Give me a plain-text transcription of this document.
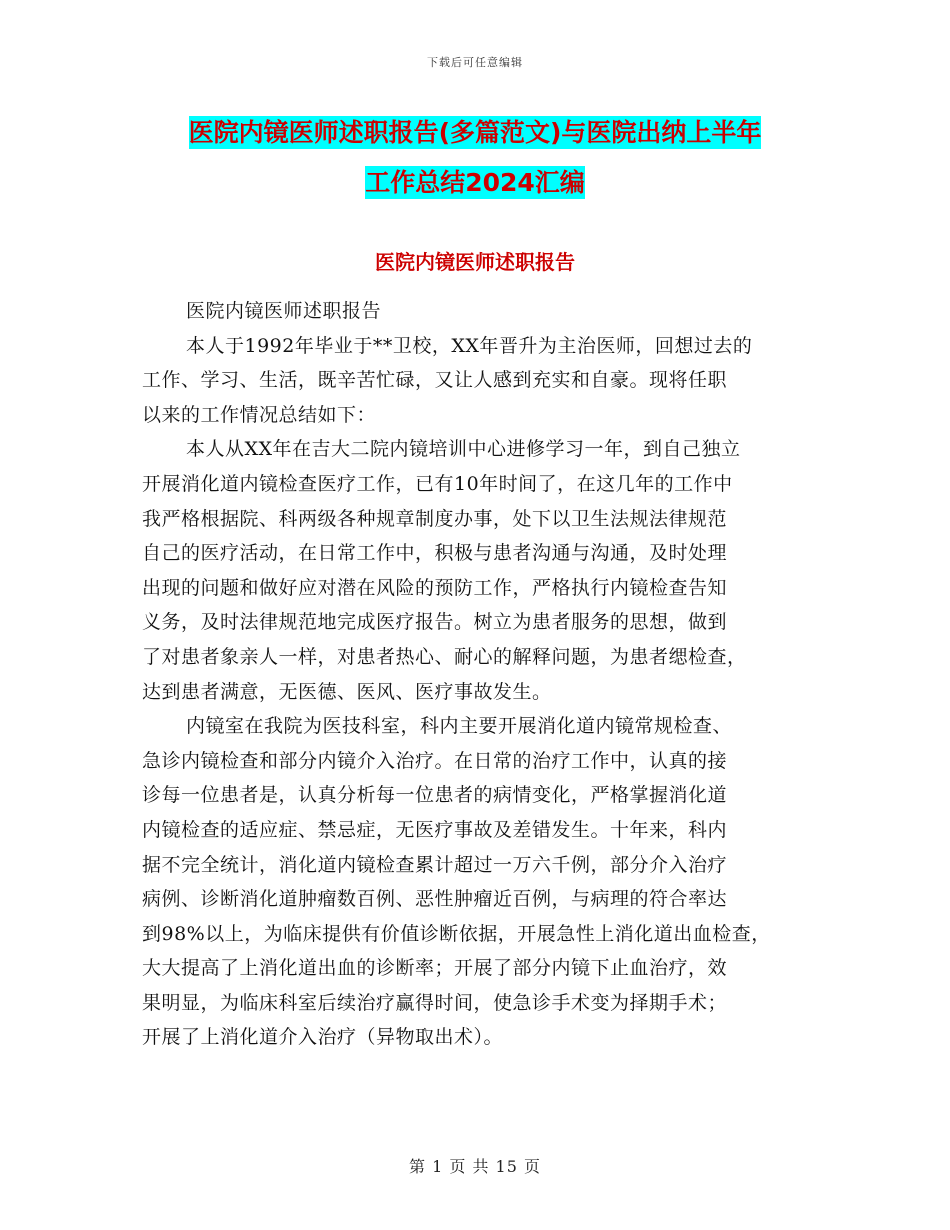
下载后可任意编辑
医院内镜医师述职报告(多篇范文)与医院出纳上半年
工作总结2024汇编
医院内镜医师述职报告
医院内镜医师述职报告
本人于1992年毕业于**卫校，XX年晋升为主治医师，回想过去的
工作、学习、生活，既辛苦忙碌，又让人感到充实和自豪。现将任职
以来的工作情况总结如下：
本人从XX年在吉大二院内镜培训中心进修学习一年，到自己独立
开展消化道内镜检查医疗工作，已有10年时间了，在这几年的工作中
我严格根据院、科两级各种规章制度办事，处下以卫生法规法律规范
自己的医疗活动，在日常工作中，积极与患者沟通与沟通，及时处理
出现的问题和做好应对潜在风险的预防工作，严格执行内镜检查告知
义务，及时法律规范地完成医疗报告。树立为患者服务的思想，做到
了对患者象亲人一样，对患者热心、耐心的解释问题，为患者缌检查，
达到患者满意，无医德、医风、医疗事故发生。
内镜室在我院为医技科室，科内主要开展消化道内镜常规检查、
急诊内镜检查和部分内镜介入治疗。在日常的治疗工作中，认真的接
诊每一位患者是，认真分析每一位患者的病情变化，严格掌握消化道
内镜检查的适应症、禁忌症，无医疗事故及差错发生。十年来，科内
据不完全统计，消化道内镜检查累计超过一万六千例，部分介入治疗
病例、诊断消化道肿瘤数百例、恶性肿瘤近百例，与病理的符合率达
到98%以上，为临床提供有价值诊断依据，开展急性上消化道出血检查，
大大提高了上消化道出血的诊断率；开展了部分内镜下止血治疗，效
果明显，为临床科室后续治疗赢得时间，使急诊手术变为择期手术；
开展了上消化道介入治疗（异物取出术）。
第 1 页 共 15 页
